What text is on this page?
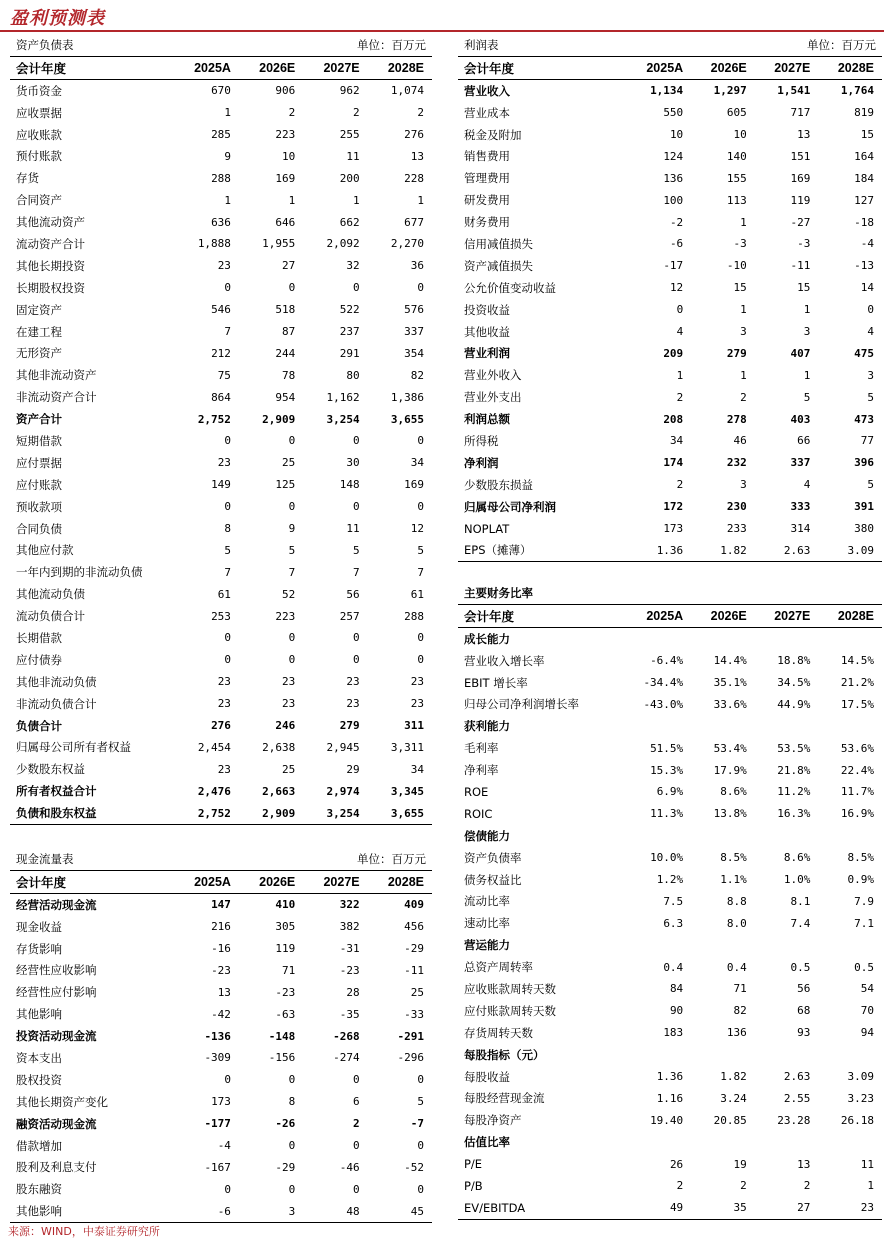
盈利预测表
资产负债表			单位：百万元	
会计年度	2025A	2026E	2027E	2028E
货币资金	670	906	962	1,074
应收票据	1	2	2	2
应收账款	285	223	255	276
预付账款	9	10	11	13
存货	288	169	200	228
合同资产	1	1	1	1
其他流动资产	636	646	662	677
流动资产合计	1,888	1,955	2,092	2,270
其他长期投资	23	27	32	36
长期股权投资	0	0	0	0
固定资产	546	518	522	576
在建工程	7	87	237	337
无形资产	212	244	291	354
其他非流动资产	75	78	80	82
非流动资产合计	864	954	1,162	1,386
资产合计	2,752	2,909	3,254	3,655
短期借款	0	0	0	0
应付票据	23	25	30	34
应付账款	149	125	148	169
预收款项	0	0	0	0
合同负债	8	9	11	12
其他应付款	5	5	5	5
一年内到期的非流动负债	7	7	7	7
其他流动负债	61	52	56	61
流动负债合计	253	223	257	288
长期借款	0	0	0	0
应付债券	0	0	0	0
其他非流动负债	23	23	23	23
非流动负债合计	23	23	23	23
负债合计	276	246	279	311
归属母公司所有者权益	2,454	2,638	2,945	3,311
少数股东权益	23	25	29	34
所有者权益合计	2,476	2,663	2,974	3,345
负债和股东权益	2,752	2,909	3,254	3,655
利润表			单位：百万元	
会计年度	2025A	2026E	2027E	2028E
营业收入	1,134	1,297	1,541	1,764
营业成本	550	605	717	819
税金及附加	10	10	13	15
销售费用	124	140	151	164
管理费用	136	155	169	184
研发费用	100	113	119	127
财务费用	-2	1	-27	-18
信用减值损失	-6	-3	-3	-4
资产减值损失	-17	-10	-11	-13
公允价值变动收益	12	15	15	14
投资收益	0	1	1	0
其他收益	4	3	3	4
营业利润	209	279	407	475
营业外收入	1	1	1	3
营业外支出	2	2	5	5
利润总额	208	278	403	473
所得税	34	46	66	77
净利润	174	232	337	396
少数股东损益	2	3	4	5
归属母公司净利润	172	230	333	391
NOPLAT	173	233	314	380
EPS（摊薄）	1.36	1.82	2.63	3.09
主要财务比率				
会计年度	2025A	2026E	2027E	2028E
成长能力				
营业收入增长率	-6.4%	14.4%	18.8%	14.5%
EBIT 增长率	-34.4%	35.1%	34.5%	21.2%
归母公司净利润增长率	-43.0%	33.6%	44.9%	17.5%
获利能力				
毛利率	51.5%	53.4%	53.5%	53.6%
净利率	15.3%	17.9%	21.8%	22.4%
ROE	6.9%	8.6%	11.2%	11.7%
ROIC	11.3%	13.8%	16.3%	16.9%
偿债能力				
资产负债率	10.0%	8.5%	8.6%	8.5%
债务权益比	1.2%	1.1%	1.0%	0.9%
流动比率	7.5	8.8	8.1	7.9
速动比率	6.3	8.0	7.4	7.1
营运能力				
总资产周转率	0.4	0.4	0.5	0.5
应收账款周转天数	84	71	56	54
应付账款周转天数	90	82	68	70
存货周转天数	183	136	93	94
每股指标（元）				
每股收益	1.36	1.82	2.63	3.09
每股经营现金流	1.16	3.24	2.55	3.23
每股净资产	19.40	20.85	23.28	26.18
估值比率				
P/E	26	19	13	11
P/B	2	2	2	1
EV/EBITDA	49	35	27	23
现金流量表			单位：百万元	
会计年度	2025A	2026E	2027E	2028E
经营活动现金流	147	410	322	409
现金收益	216	305	382	456
存货影响	-16	119	-31	-29
经营性应收影响	-23	71	-23	-11
经营性应付影响	13	-23	28	25
其他影响	-42	-63	-35	-33
投资活动现金流	-136	-148	-268	-291
资本支出	-309	-156	-274	-296
股权投资	0	0	0	0
其他长期资产变化	173	8	6	5
融资活动现金流	-177	-26	2	-7
借款增加	-4	0	0	0
股利及利息支付	-167	-29	-46	-52
股东融资	0	0	0	0
其他影响	-6	3	48	45
来源：WIND，中泰证券研究所
